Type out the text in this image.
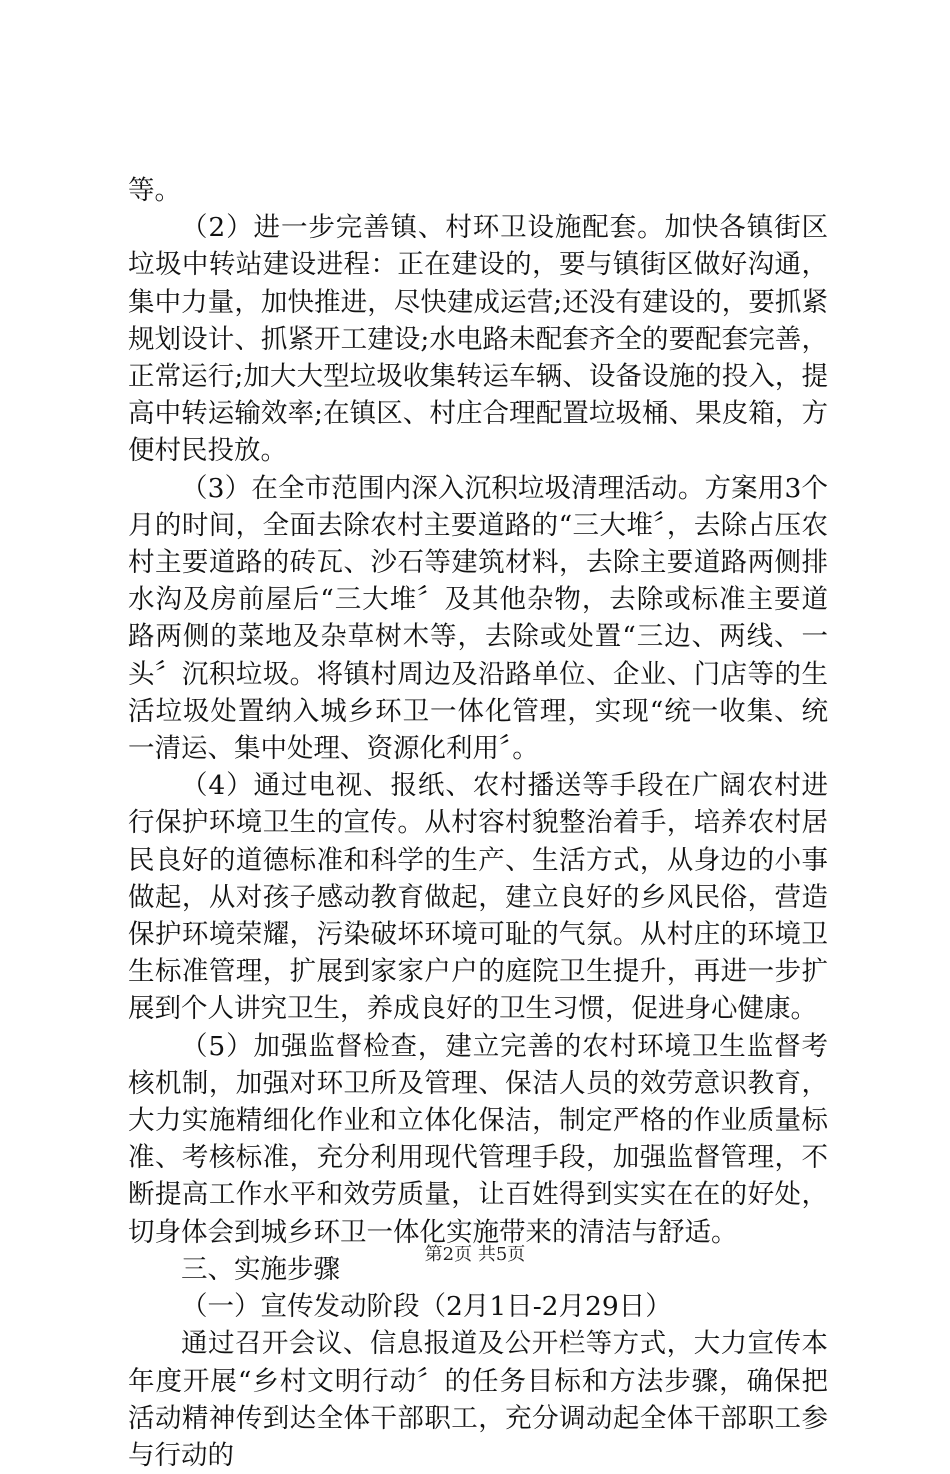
等。

（2）进一步完善镇、村环卫设施配套。加快各镇街区垃圾中转站建设进程：正在建设的，要与镇街区做好沟通，集中力量，加快推进，尽快建成运营;还没有建设的，要抓紧规划设计、抓紧开工建设;水电路未配套齐全的要配套完善，正常运行;加大大型垃圾收集转运车辆、设备设施的投入，提高中转运输效率;在镇区、村庄合理配置垃圾桶、果皮箱，方便村民投放。

（3）在全市范围内深入沉积垃圾清理活动。方案用3个月的时间，全面去除农村主要道路的“三大堆〞，去除占压农村主要道路的砖瓦、沙石等建筑材料，去除主要道路两侧排水沟及房前屋后“三大堆〞及其他杂物，去除或标准主要道路两侧的菜地及杂草树木等，去除或处置“三边、两线、一头〞沉积垃圾。将镇村周边及沿路单位、企业、门店等的生活垃圾处置纳入城乡环卫一体化管理，实现“统一收集、统一清运、集中处理、资源化利用〞。

（4）通过电视、报纸、农村播送等手段在广阔农村进行保护环境卫生的宣传。从村容村貌整治着手，培养农村居民良好的道德标准和科学的生产、生活方式，从身边的小事做起，从对孩子感动教育做起，建立良好的乡风民俗，营造保护环境荣耀，污染破坏环境可耻的气氛。从村庄的环境卫生标准管理，扩展到家家户户的庭院卫生提升，再进一步扩展到个人讲究卫生，养成良好的卫生习惯，促进身心健康。

（5）加强监督检查，建立完善的农村环境卫生监督考核机制，加强对环卫所及管理、保洁人员的效劳意识教育，大力实施精细化作业和立体化保洁，制定严格的作业质量标准、考核标准，充分利用现代管理手段，加强监督管理，不断提高工作水平和效劳质量，让百姓得到实实在在的好处，切身体会到城乡环卫一体化实施带来的清洁与舒适。

三、实施步骤

（一）宣传发动阶段（2月1日-2月29日）

通过召开会议、信息报道及公开栏等方式，大力宣传本年度开展“乡村文明行动〞的任务目标和方法步骤，确保把活动精神传到达全体干部职工，充分调动起全体干部职工参与行动的

第2页 共5页
